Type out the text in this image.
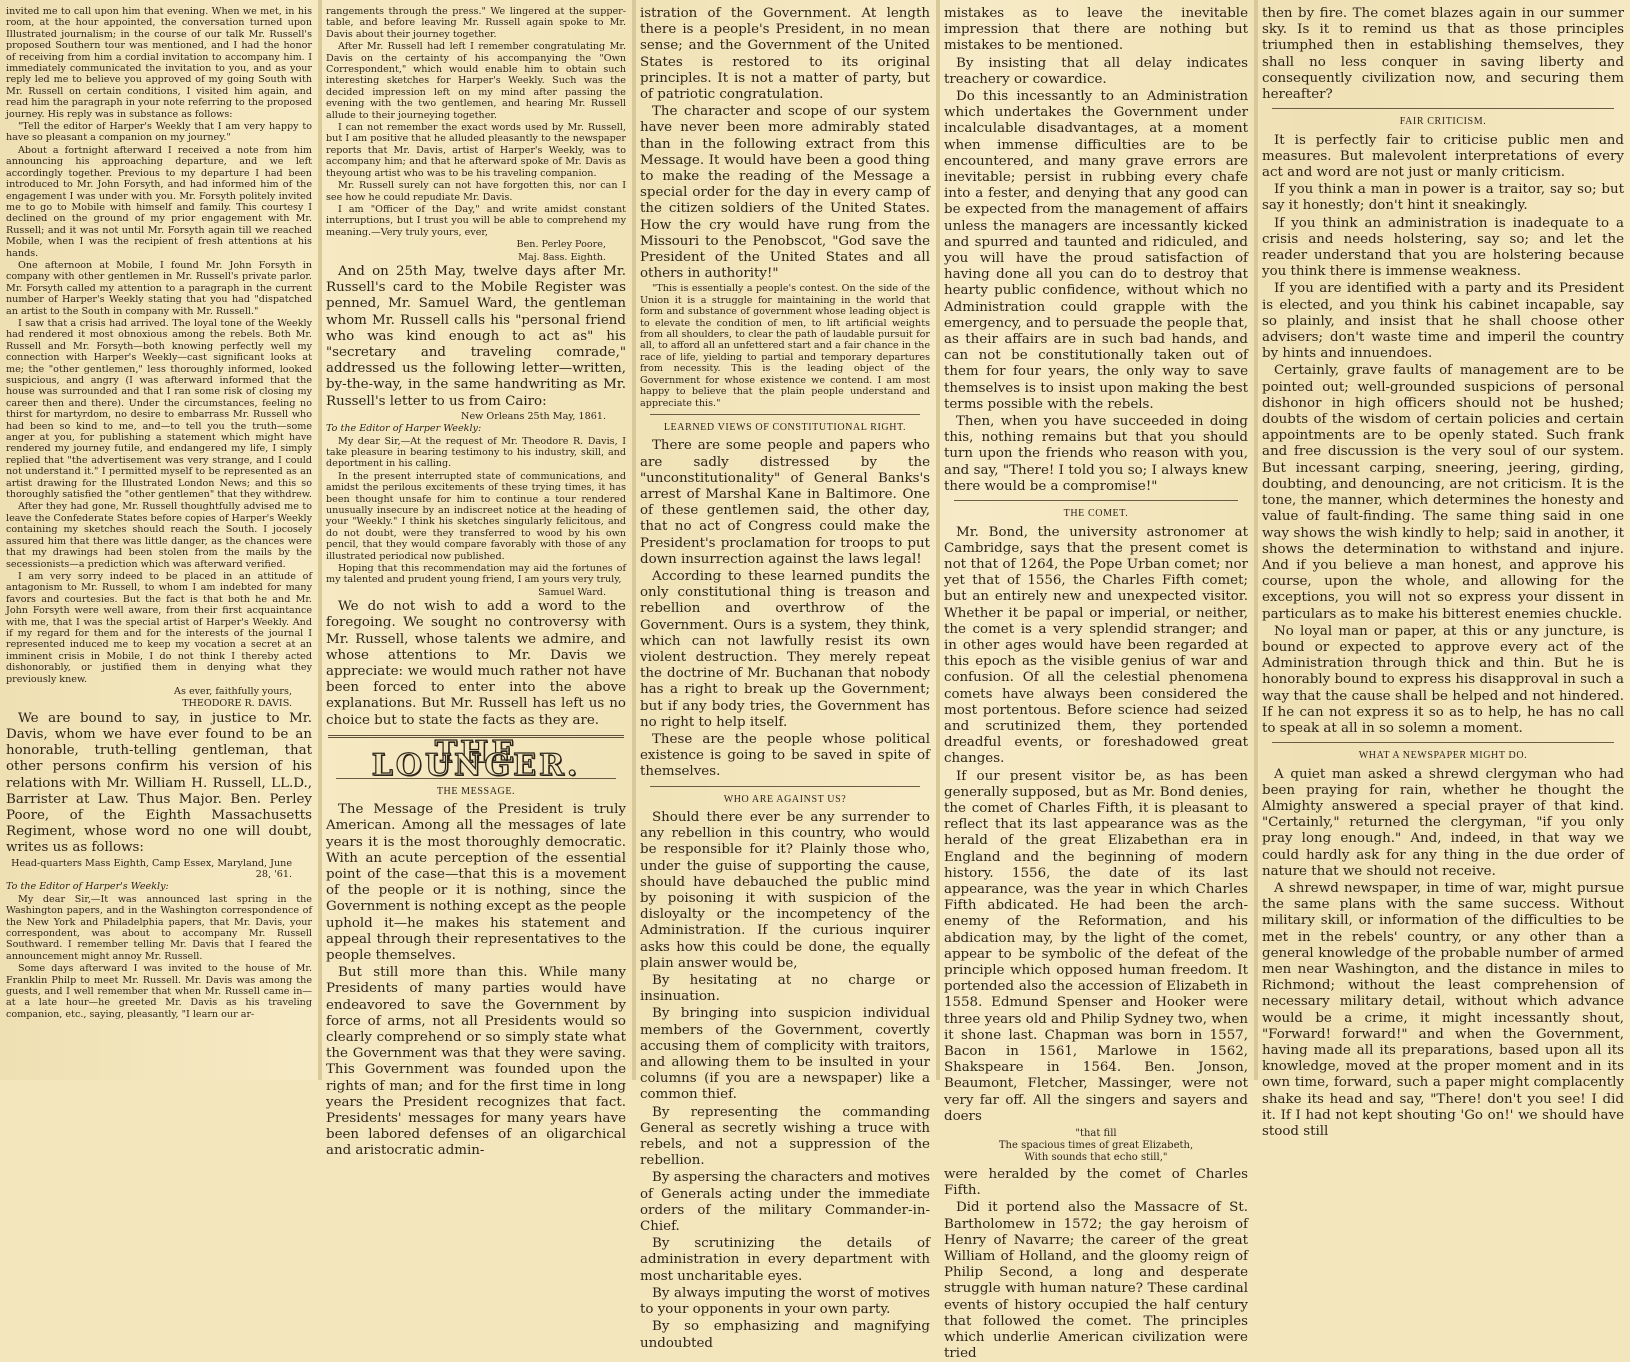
invited me to call upon him that evening. When we met, in his room, at the hour appointed, the conversation turned upon Illustrated journalism; in the course of our talk Mr. Russell's proposed Southern tour was mentioned, and I had the honor of receiving from him a cordial invitation to accompany him. I immediately communicated the invitation to you, and as your reply led me to believe you approved of my going South with Mr. Russell on certain conditions, I visited him again, and read him the paragraph in your note referring to the proposed journey. His reply was in substance as follows:

"Tell the editor of Harper's Weekly that I am very happy to have so pleasant a companion on my journey."

About a fortnight afterward I received a note from him announcing his approaching departure, and we left accordingly together. Previous to my departure I had been introduced to Mr. John Forsyth, and had informed him of the engagement I was under with you. Mr. Forsyth politely invited me to go to Mobile with himself and family. This courtesy I declined on the ground of my prior engagement with Mr. Russell; and it was not until Mr. Forsyth again till we reached Mobile, when I was the recipient of fresh attentions at his hands.

One afternoon at Mobile, I found Mr. John Forsyth in company with other gentlemen in Mr. Russell's private parlor. Mr. Forsyth called my attention to a paragraph in the current number of Harper's Weekly stating that you had "dispatched an artist to the South in company with Mr. Russell."

I saw that a crisis had arrived. The loyal tone of the Weekly had rendered it most obnoxious among the rebels. Both Mr. Russell and Mr. Forsyth—both knowing perfectly well my connection with Harper's Weekly—cast significant looks at me; the "other gentlemen," less thoroughly informed, looked suspicious, and angry (I was afterward informed that the house was surrounded and that I ran some risk of closing my career then and there). Under the circumstances, feeling no thirst for martyrdom, no desire to embarrass Mr. Russell who had been so kind to me, and—to tell you the truth—some anger at you, for publishing a statement which might have rendered my journey futile, and endangered my life, I simply replied that "the advertisement was very strange, and I could not understand it." I permitted myself to be represented as an artist drawing for the Illustrated London News; and this so thoroughly satisfied the "other gentlemen" that they withdrew.

After they had gone, Mr. Russell thoughtfully advised me to leave the Confederate States before copies of Harper's Weekly containing my sketches should reach the South. I jocosely assured him that there was little danger, as the chances were that my drawings had been stolen from the mails by the secessionists—a prediction which was afterward verified.

I am very sorry indeed to be placed in an attitude of antagonism to Mr. Russell, to whom I am indebted for many favors and courtesies. But the fact is that both he and Mr. John Forsyth were well aware, from their first acquaintance with me, that I was the special artist of Harper's Weekly. And if my regard for them and for the interests of the journal I represented induced me to keep my vocation a secret at an imminent crisis in Mobile, I do not think I thereby acted dishonorably, or justified them in denying what they previously knew.

As ever, faithfully yours,

THEODORE R. DAVIS.

We are bound to say, in justice to Mr. Davis, whom we have ever found to be an honorable, truth-telling gentleman, that other persons confirm his version of his relations with Mr. William H. Russell, LL.D., Barrister at Law. Thus Major. Ben. Perley Poore, of the Eighth Massachusetts Regiment, whose word no one will doubt, writes us as follows:

Head-quarters Mass Eighth, Camp Essex, Maryland, June 28, '61.

To the Editor of Harper's Weekly:

My dear Sir,—It was announced last spring in the Washington papers, and in the Washington correspondence of the New York and Philadelphia papers, that Mr. Davis, your correspondent, was about to accompany Mr. Russell Southward. I remember telling Mr. Davis that I feared the announcement might annoy Mr. Russell.

Some days afterward I was invited to the house of Mr. Franklin Philp to meet Mr. Russell. Mr. Davis was among the guests, and I well remember that when Mr. Russell came in—at a late hour—he greeted Mr. Davis as his traveling companion, etc., saying, pleasantly, "I learn our ar-

rangements through the press." We lingered at the supper-table, and before leaving Mr. Russell again spoke to Mr. Davis about their journey together.

After Mr. Russell had left I remember congratulating Mr. Davis on the certainty of his accompanying the "Own Correspondent," which would enable him to obtain such interesting sketches for Harper's Weekly. Such was the decided impression left on my mind after passing the evening with the two gentlemen, and hearing Mr. Russell allude to their journeying together.

I can not remember the exact words used by Mr. Russell, but I am positive that he alluded pleasantly to the newspaper reports that Mr. Davis, artist of Harper's Weekly, was to accompany him; and that he afterward spoke of Mr. Davis as theyoung artist who was to be his traveling companion.

Mr. Russell surely can not have forgotten this, nor can I see how he could repudiate Mr. Davis.

I am "Officer of the Day," and write amidst constant interruptions, but I trust you will be able to comprehend my meaning.—Very truly yours, ever,

Ben. Perley Poore,

Maj. 8ass. Eighth.

And on 25th May, twelve days after Mr. Russell's card to the Mobile Register was penned, Mr. Samuel Ward, the gentleman whom Mr. Russell calls his "personal friend who was kind enough to act as" his "secretary and traveling comrade," addressed us the following letter—written, by-the-way, in the same handwriting as Mr. Russell's letter to us from Cairo:

New Orleans 25th May, 1861.

To the Editor of Harper Weekly:

My dear Sir,—At the request of Mr. Theodore R. Davis, I take pleasure in bearing testimony to his industry, skill, and deportment in his calling.

In the present interrupted state of communications, and amidst the perilous excitements of these trying times, it has been thought unsafe for him to continue a tour rendered unusually insecure by an indiscreet notice at the heading of your "Weekly." I think his sketches singularly felicitous, and do not doubt, were they transferred to wood by his own pencil, that they would compare favorably with those of any illustrated periodical now published.

Hoping that this recommendation may aid the fortunes of my talented and prudent young friend, I am yours very truly,

Samuel Ward.

We do not wish to add a word to the foregoing. We sought no controversy with Mr. Russell, whose talents we admire, and whose attentions to Mr. Davis we appreciate: we would much rather not have been forced to enter into the above explanations. But Mr. Russell has left us no choice but to state the facts as they are.

THE LOUNGER.
THE MESSAGE.

The Message of the President is truly American. Among all the messages of late years it is the most thoroughly democratic. With an acute perception of the essential point of the case—that this is a movement of the people or it is nothing, since the Government is nothing except as the people uphold it—he makes his statement and appeal through their representatives to the people themselves.

But still more than this. While many Presidents of many parties would have endeavored to save the Government by force of arms, not all Presidents would so clearly comprehend or so simply state what the Government was that they were saving. This Government was founded upon the rights of man; and for the first time in long years the President recognizes that fact. Presidents' messages for many years have been labored defenses of an oligarchical and aristocratic admin-

istration of the Government. At length there is a people's President, in no mean sense; and the Government of the United States is restored to its original principles. It is not a matter of party, but of patriotic congratulation.

The character and scope of our system have never been more admirably stated than in the following extract from this Message. It would have been a good thing to make the reading of the Message a special order for the day in every camp of the citizen soldiers of the United States. How the cry would have rung from the Missouri to the Penobscot, "God save the President of the United States and all others in authority!"

"This is essentially a people's contest. On the side of the Union it is a struggle for maintaining in the world that form and substance of government whose leading object is to elevate the condition of men, to lift artificial weights from all shoulders, to clear the path of laudable pursuit for all, to afford all an unfettered start and a fair chance in the race of life, yielding to partial and temporary departures from necessity. This is the leading object of the Government for whose existence we contend. I am most happy to believe that the plain people understand and appreciate this."

LEARNED VIEWS OF CONSTITUTIONAL RIGHT.

There are some people and papers who are sadly distressed by the "unconstitutionality" of General Banks's arrest of Marshal Kane in Baltimore. One of these gentlemen said, the other day, that no act of Congress could make the President's proclamation for troops to put down insurrection against the laws legal!

According to these learned pundits the only constitutional thing is treason and rebellion and overthrow of the Government. Ours is a system, they think, which can not lawfully resist its own violent destruction. They merely repeat the doctrine of Mr. Buchanan that nobody has a right to break up the Government; but if any body tries, the Government has no right to help itself.

These are the people whose political existence is going to be saved in spite of themselves.

WHO ARE AGAINST US?

Should there ever be any surrender to any rebellion in this country, who would be responsible for it? Plainly those who, under the guise of supporting the cause, should have debauched the public mind by poisoning it with suspicion of the disloyalty or the incompetency of the Administration. If the curious inquirer asks how this could be done, the equally plain answer would be,

By hesitating at no charge or insinuation.

By bringing into suspicion individual members of the Government, covertly accusing them of complicity with traitors, and allowing them to be insulted in your columns (if you are a newspaper) like a common thief.

By representing the commanding General as secretly wishing a truce with rebels, and not a suppression of the rebellion.

By aspersing the characters and motives of Generals acting under the immediate orders of the military Commander-in-Chief.

By scrutinizing the details of administration in every department with most uncharitable eyes.

By always imputing the worst of motives to your opponents in your own party.

By so emphasizing and magnifying undoubted

mistakes as to leave the inevitable impression that there are nothing but mistakes to be mentioned.

By insisting that all delay indicates treachery or cowardice.

Do this incessantly to an Administration which undertakes the Government under incalculable disadvantages, at a moment when immense difficulties are to be encountered, and many grave errors are inevitable; persist in rubbing every chafe into a fester, and denying that any good can be expected from the management of affairs unless the managers are incessantly kicked and spurred and taunted and ridiculed, and you will have the proud satisfaction of having done all you can do to destroy that hearty public confidence, without which no Administration could grapple with the emergency, and to persuade the people that, as their affairs are in such bad hands, and can not be constitutionally taken out of them for four years, the only way to save themselves is to insist upon making the best terms possible with the rebels.

Then, when you have succeeded in doing this, nothing remains but that you should turn upon the friends who reason with you, and say, "There! I told you so; I always knew there would be a compromise!"

THE COMET.

Mr. Bond, the university astronomer at Cambridge, says that the present comet is not that of 1264, the Pope Urban comet; nor yet that of 1556, the Charles Fifth comet; but an entirely new and unexpected visitor. Whether it be papal or imperial, or neither, the comet is a very splendid stranger; and in other ages would have been regarded at this epoch as the visible genius of war and confusion. Of all the celestial phenomena comets have always been considered the most portentous. Before science had seized and scrutinized them, they portended dreadful events, or foreshadowed great changes.

If our present visitor be, as has been generally supposed, but as Mr. Bond denies, the comet of Charles Fifth, it is pleasant to reflect that its last appearance was as the herald of the great Elizabethan era in England and the beginning of modern history. 1556, the date of its last appearance, was the year in which Charles Fifth abdicated. He had been the arch-enemy of the Reformation, and his abdication may, by the light of the comet, appear to be symbolic of the defeat of the principle which opposed human freedom. It portended also the accession of Elizabeth in 1558. Edmund Spenser and Hooker were three years old and Philip Sydney two, when it shone last. Chapman was born in 1557, Bacon in 1561, Marlowe in 1562, Shakspeare in 1564. Ben. Jonson, Beaumont, Fletcher, Massinger, were not very far off. All the singers and sayers and doers

"that fill
The spacious times of great Elizabeth,
With sounds that echo still,"

were heralded by the comet of Charles Fifth.

Did it portend also the Massacre of St. Bartholomew in 1572; the gay heroism of Henry of Navarre; the career of the great William of Holland, and the gloomy reign of Philip Second, a long and desperate struggle with human nature? These cardinal events of history occupied the half century that followed the comet. The principles which underlie American civilization were tried

then by fire. The comet blazes again in our summer sky. Is it to remind us that as those principles triumphed then in establishing themselves, they shall no less conquer in saving liberty and consequently civilization now, and securing them hereafter?

FAIR CRITICISM.

It is perfectly fair to criticise public men and measures. But malevolent interpretations of every act and word are not just or manly criticism.

If you think a man in power is a traitor, say so; but say it honestly; don't hint it sneakingly.

If you think an administration is inadequate to a crisis and needs holstering, say so; and let the reader understand that you are holstering because you think there is immense weakness.

If you are identified with a party and its President is elected, and you think his cabinet incapable, say so plainly, and insist that he shall choose other advisers; don't waste time and imperil the country by hints and innuendoes.

Certainly, grave faults of management are to be pointed out; well-grounded suspicions of personal dishonor in high officers should not be hushed; doubts of the wisdom of certain policies and certain appointments are to be openly stated. Such frank and free discussion is the very soul of our system. But incessant carping, sneering, jeering, girding, doubting, and denouncing, are not criticism. It is the tone, the manner, which determines the honesty and value of fault-finding. The same thing said in one way shows the wish kindly to help; said in another, it shows the determination to withstand and injure. And if you believe a man honest, and approve his course, upon the whole, and allowing for the exceptions, you will not so express your dissent in particulars as to make his bitterest enemies chuckle.

No loyal man or paper, at this or any juncture, is bound or expected to approve every act of the Administration through thick and thin. But he is honorably bound to express his disapproval in such a way that the cause shall be helped and not hindered. If he can not express it so as to help, he has no call to speak at all in so solemn a moment.

WHAT A NEWSPAPER MIGHT DO.

A quiet man asked a shrewd clergyman who had been praying for rain, whether he thought the Almighty answered a special prayer of that kind. "Certainly," returned the clergyman, "if you only pray long enough." And, indeed, in that way we could hardly ask for any thing in the due order of nature that we should not receive.

A shrewd newspaper, in time of war, might pursue the same plans with the same success. Without military skill, or information of the difficulties to be met in the rebels' country, or any other than a general knowledge of the probable number of armed men near Washington, and the distance in miles to Richmond; without the least comprehension of necessary military detail, without which advance would be a crime, it might incessantly shout, "Forward! forward!" and when the Government, having made all its preparations, based upon all its knowledge, moved at the proper moment and in its own time, forward, such a paper might complacently shake its head and say, "There! don't you see! I did it. If I had not kept shouting 'Go on!' we should have stood still
